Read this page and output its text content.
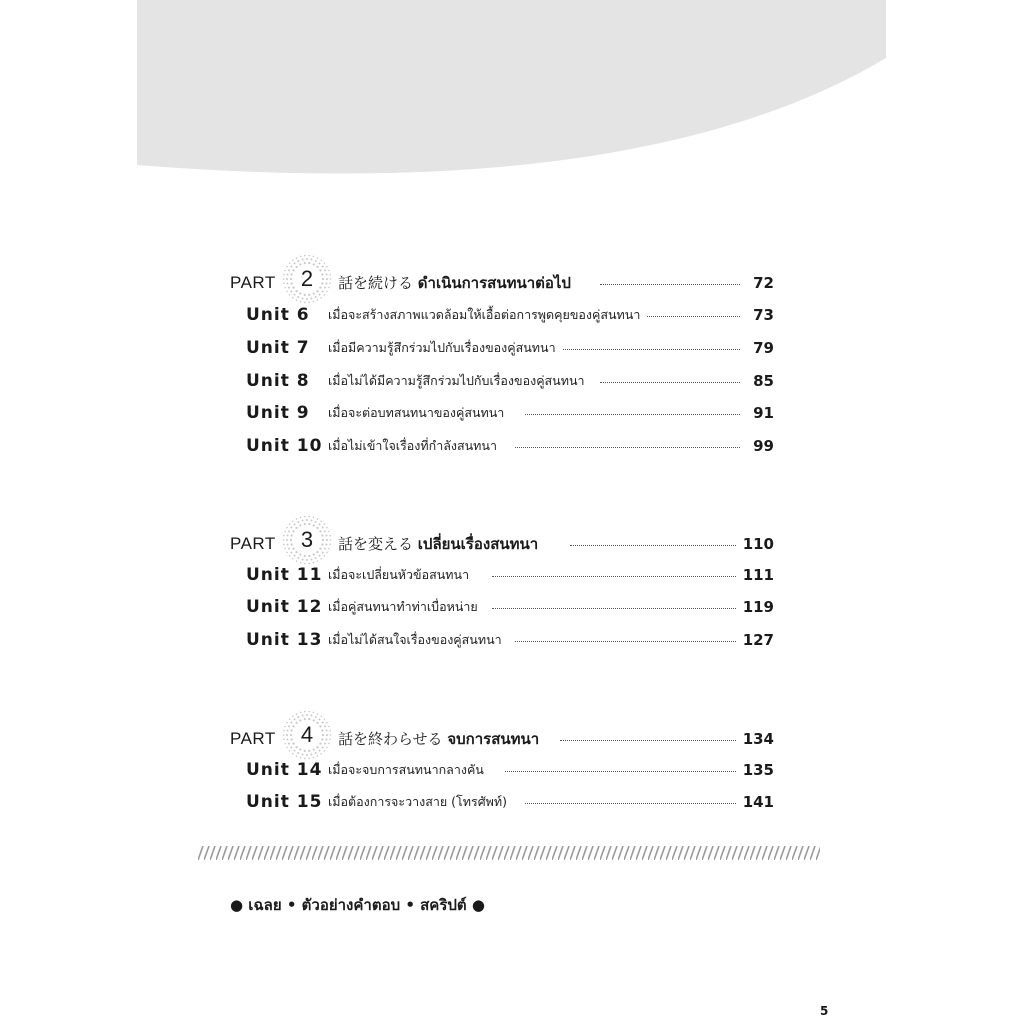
PART	2	話を続ける ดำเนินการสนทนาต่อไป	72
Unit 6 เมื่อจะสร้างสภาพแวดล้อมให้เอื้อต่อการพูดคุยของคู่สนทนา	73
Unit 7 เมื่อมีความรู้สึกร่วมไปกับเรื่องของคู่สนทนา	79
Unit 8 เมื่อไม่ได้มีความรู้สึกร่วมไปกับเรื่องของคู่สนทนา	85
Unit 9 เมื่อจะต่อบทสนทนาของคู่สนทนา	91
Unit 10 เมื่อไม่เข้าใจเรื่องที่กำลังสนทนา	99
PART	3	話を変える เปลี่ยนเรื่องสนทนา	110
Unit 11 เมื่อจะเปลี่ยนหัวข้อสนทนา	111
Unit 12 เมื่อคู่สนทนาทำท่าเบื่อหน่าย	119
Unit 13 เมื่อไม่ได้สนใจเรื่องของคู่สนทนา	127
PART	4	話を終わらせる จบการสนทนา	134
Unit 14 เมื่อจะจบการสนทนากลางคัน	135
Unit 15 เมื่อต้องการจะวางสาย (โทรศัพท์)	141
● เฉลย • ตัวอย่างคำตอบ • สคริปต์ ●
5
